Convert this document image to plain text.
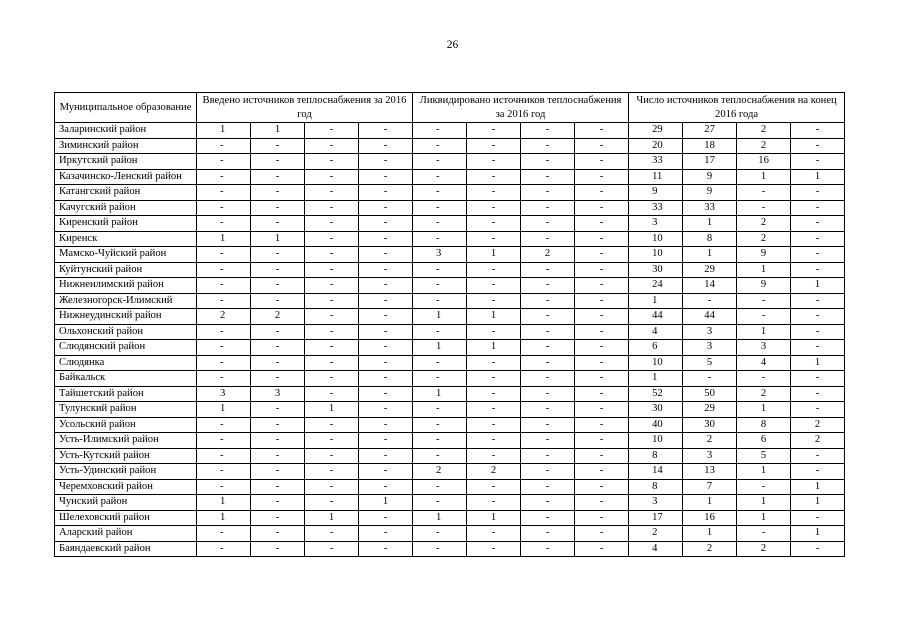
26
Муниципальное образование	Введено источников теплоснабжения за 2016 год				Ликвидировано источников теплоснабжения за 2016 год				Число источников теплоснабжения на конец 2016 года			
Заларинский район	1	1	-	-	-	-	-	-	29	27	2	-
Зиминский район	-	-	-	-	-	-	-	-	20	18	2	-
Иркутский район	-	-	-	-	-	-	-	-	33	17	16	-
Казачинско-Ленский район	-	-	-	-	-	-	-	-	11	9	1	1
Катангский район	-	-	-	-	-	-	-	-	9	9	-	-
Качугский район	-	-	-	-	-	-	-	-	33	33	-	-
Киренский район	-	-	-	-	-	-	-	-	3	1	2	-
Киренск	1	1	-	-	-	-	-	-	10	8	2	-
Мамско-Чуйский район	-	-	-	-	3	1	2	-	10	1	9	-
Куйтунский район	-	-	-	-	-	-	-	-	30	29	1	-
Нижнеилимский район	-	-	-	-	-	-	-	-	24	14	9	1
Железногорск-Илимский	-	-	-	-	-	-	-	-	1	-	-	-
Нижнеудинский район	2	2	-	-	1	1	-	-	44	44	-	-
Ольхонский район	-	-	-	-	-	-	-	-	4	3	1	-
Слюдянский район	-	-	-	-	1	1	-	-	6	3	3	-
Слюдянка	-	-	-	-	-	-	-	-	10	5	4	1
Байкальск	-	-	-	-	-	-	-	-	1	-	-	-
Тайшетский район	3	3	-	-	1	-	-	-	52	50	2	-
Тулунский район	1	-	1	-	-	-	-	-	30	29	1	-
Усольский район	-	-	-	-	-	-	-	-	40	30	8	2
Усть-Илимский район	-	-	-	-	-	-	-	-	10	2	6	2
Усть-Кутский район	-	-	-	-	-	-	-	-	8	3	5	-
Усть-Удинский район	-	-	-	-	2	2	-	-	14	13	1	-
Черемховский район	-	-	-	-	-	-	-	-	8	7	-	1
Чунский район	1	-	-	1	-	-	-	-	3	1	1	1
Шелеховский район	1	-	1	-	1	1	-	-	17	16	1	-
Аларский район	-	-	-	-	-	-	-	-	2	1	-	1
Баяндаевский район	-	-	-	-	-	-	-	-	4	2	2	-
